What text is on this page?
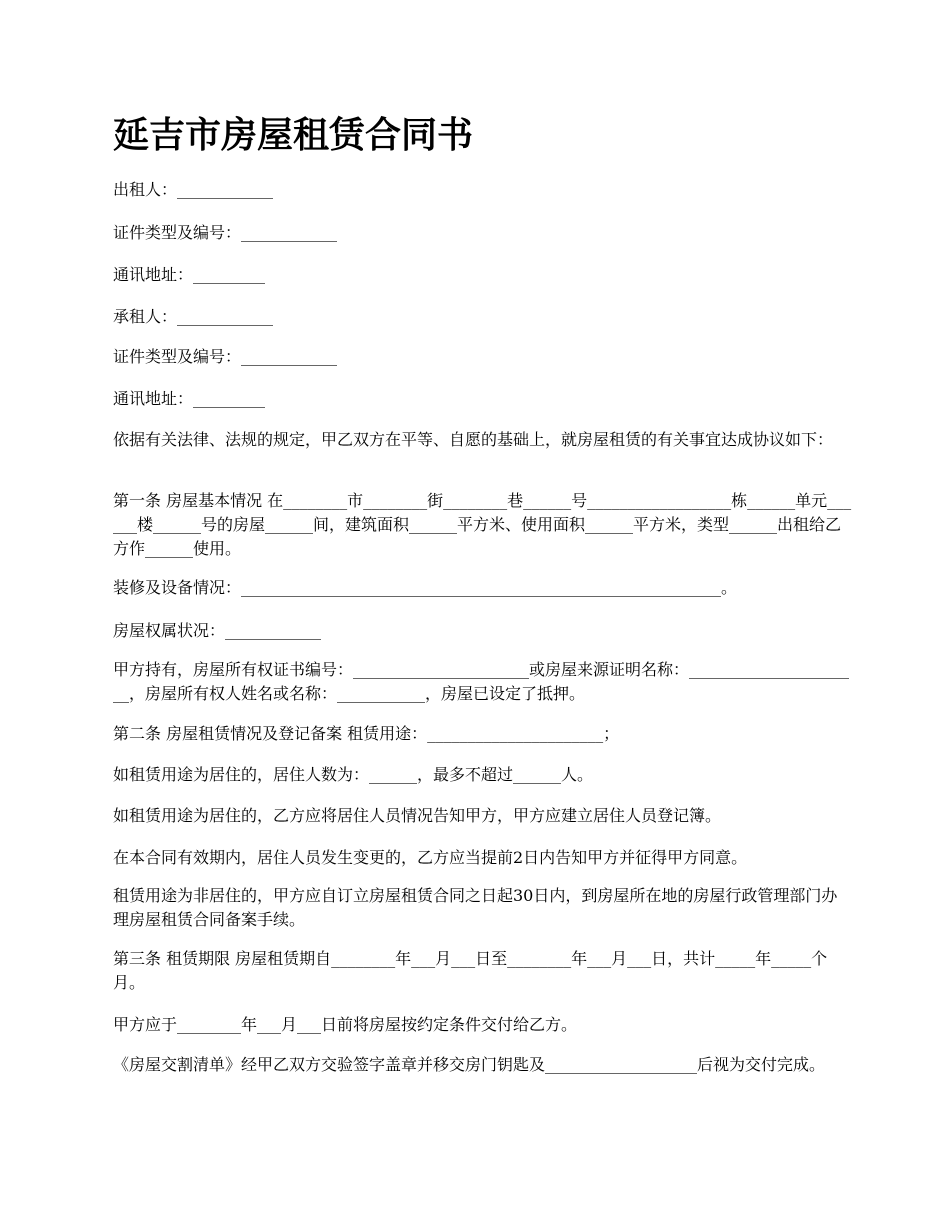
延吉市房屋租赁合同书
出租人：____________
证件类型及编号：____________
通讯地址：_________
承租人：____________
证件类型及编号：____________
通讯地址：_________
依据有关法律、法规的规定，甲乙双方在平等、自愿的基础上，就房屋租赁的有关事宜达成协议如下：
第一条 房屋基本情况 在________市________街________巷______号__________________栋______单元______楼______号的房屋______间，建筑面积______平方米、使用面积______平方米，类型______出租给乙方作______使用。
装修及设备情况：____________________________________________________________。
房屋权属状况：____________
甲方持有，房屋所有权证书编号：______________________或房屋来源证明名称：______________________，房屋所有权人姓名或名称：___________，房屋已设定了抵押。
第二条 房屋租赁情况及登记备案 租赁用途：______________________；
如租赁用途为居住的，居住人数为：______，最多不超过______人。
如租赁用途为居住的，乙方应将居住人员情况告知甲方，甲方应建立居住人员登记簿。
在本合同有效期内，居住人员发生变更的，乙方应当提前2日内告知甲方并征得甲方同意。
租赁用途为非居住的，甲方应自订立房屋租赁合同之日起30日内，到房屋所在地的房屋行政管理部门办理房屋租赁合同备案手续。
第三条 租赁期限 房屋租赁期自________年___月___日至________年___月___日，共计_____年_____个月。
甲方应于________年___月___日前将房屋按约定条件交付给乙方。
《房屋交割清单》经甲乙双方交验签字盖章并移交房门钥匙及___________________后视为交付完成。
